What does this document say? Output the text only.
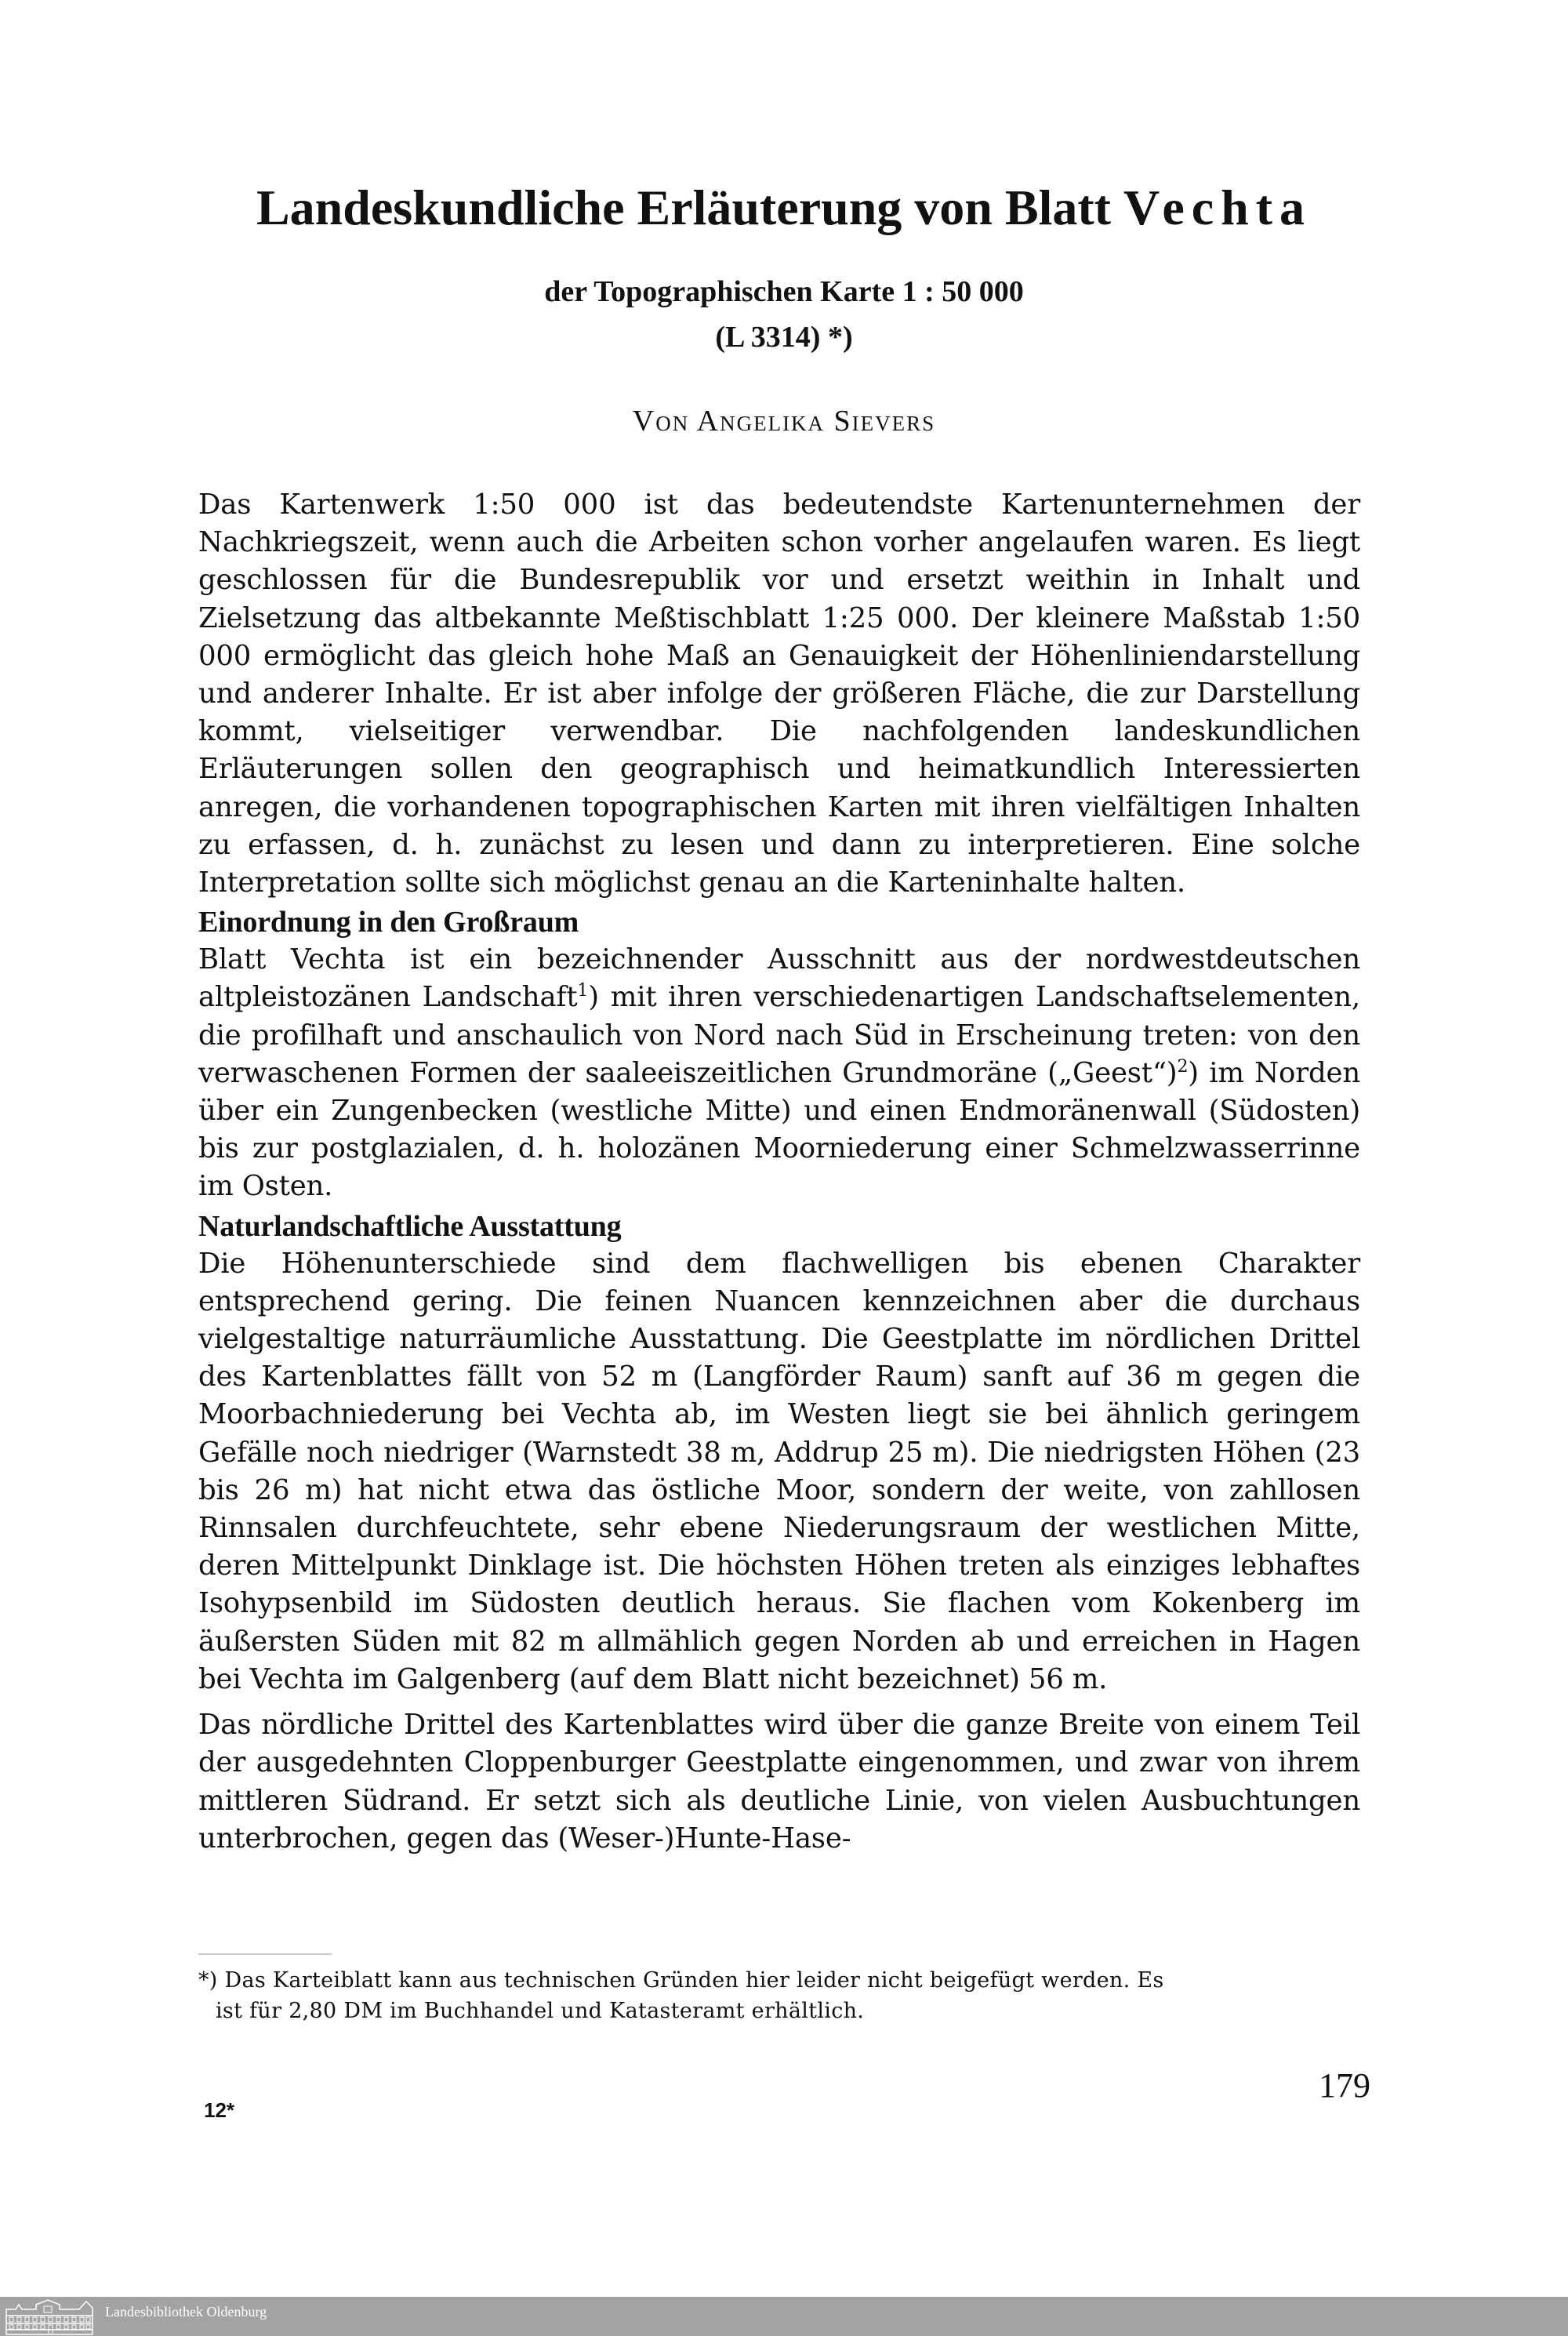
Landeskundliche Erläuterung von Blatt Vechta
der Topographischen Karte 1 : 50 000
(L 3314) *)
Von Angelika Sievers

Das Kartenwerk 1:50 000 ist das bedeutendste Kartenunternehmen der Nachkriegszeit, wenn auch die Arbeiten schon vorher angelaufen waren. Es liegt geschlossen für die Bundesrepublik vor und ersetzt weithin in Inhalt und Zielsetzung das altbekannte Meßtischblatt 1:25 000. Der kleinere Maßstab 1:50 000 ermöglicht das gleich hohe Maß an Genauigkeit der Höhenliniendarstellung und anderer Inhalte. Er ist aber infolge der größeren Fläche, die zur Darstellung kommt, vielseitiger verwendbar. Die nachfolgenden landeskundlichen Erläuterungen sollen den geographisch und heimatkundlich Interessierten anregen, die vorhandenen topographischen Karten mit ihren vielfältigen Inhalten zu erfassen, d. h. zunächst zu lesen und dann zu interpretieren. Eine solche Interpretation sollte sich möglichst genau an die Karteninhalte halten.

Einordnung in den Großraum

Blatt Vechta ist ein bezeichnender Ausschnitt aus der nordwestdeutschen altpleistozänen Landschaft$^1$) mit ihren verschiedenartigen Landschaftselementen, die profilhaft und anschaulich von Nord nach Süd in Erscheinung treten: von den verwaschenen Formen der saaleeiszeitlichen Grundmoräne („Geest“)$^2$) im Norden über ein Zungenbecken (westliche Mitte) und einen Endmoränenwall (Südosten) bis zur postglazialen, d. h. holozänen Moorniederung einer Schmelzwasserrinne im Osten.

Naturlandschaftliche Ausstattung

Die Höhenunterschiede sind dem flachwelligen bis ebenen Charakter entsprechend gering. Die feinen Nuancen kennzeichnen aber die durchaus vielgestaltige naturräumliche Ausstattung. Die Geestplatte im nördlichen Drittel des Kartenblattes fällt von 52 m (Langförder Raum) sanft auf 36 m gegen die Moorbachniederung bei Vechta ab, im Westen liegt sie bei ähnlich geringem Gefälle noch niedriger (Warnstedt 38 m, Addrup 25 m). Die niedrigsten Höhen (23 bis 26 m) hat nicht etwa das östliche Moor, sondern der weite, von zahllosen Rinnsalen durchfeuchtete, sehr ebene Niederungsraum der westlichen Mitte, deren Mittelpunkt Dinklage ist. Die höchsten Höhen treten als einziges lebhaftes Isohypsenbild im Südosten deutlich heraus. Sie flachen vom Kokenberg im äußersten Süden mit 82 m allmählich gegen Norden ab und erreichen in Hagen bei Vechta im Galgenberg (auf dem Blatt nicht bezeichnet) 56 m.

Das nördliche Drittel des Kartenblattes wird über die ganze Breite von einem Teil der ausgedehnten Cloppenburger Geestplatte eingenommen, und zwar von ihrem mittleren Südrand. Er setzt sich als deutliche Linie, von vielen Ausbuchtungen unterbrochen, gegen das (Weser-)Hunte-Hase-

*) Das Karteiblatt kann aus technischen Gründen hier leider nicht beigefügt werden. Es
ist für 2,80 DM im Buchhandel und Katasteramt erhältlich.
12*
179
Landesbibliothek Oldenburg
